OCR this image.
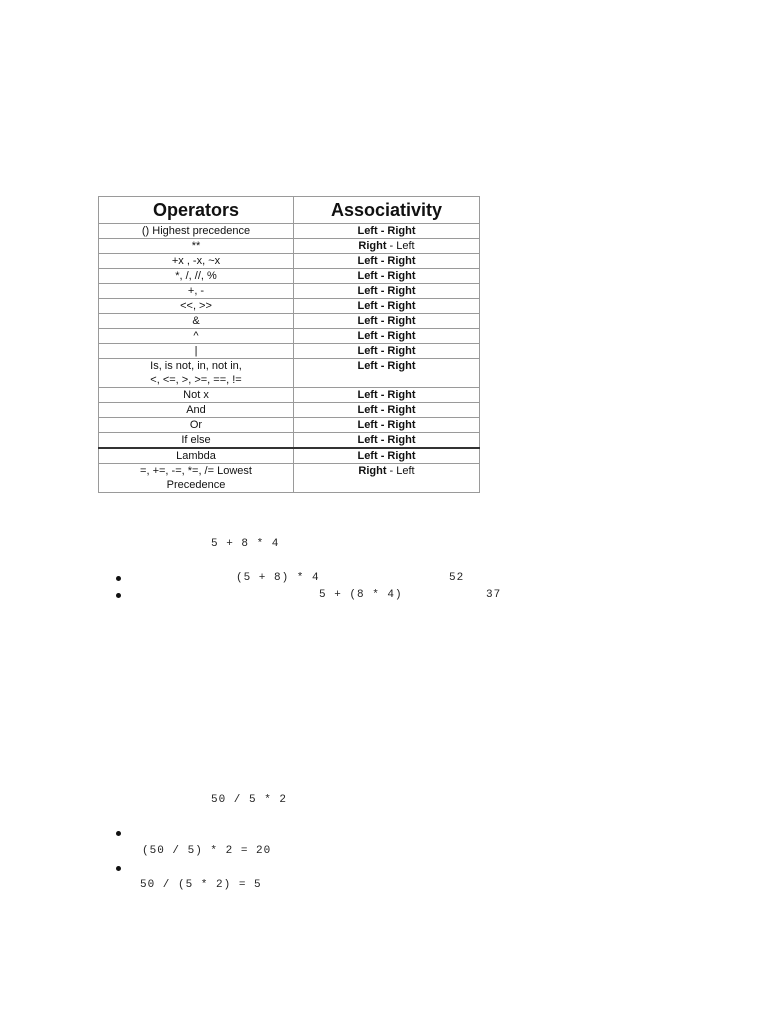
Operators	Associativity
() Highest precedence	Left - Right
**	Right - Left
+x , -x, ~x	Left - Right
*, /, //, %	Left - Right
+, -	Left - Right
<<, >>	Left - Right
&	Left - Right
^	Left - Right
|	Left - Right

Is, is not, in, not in,
<, <=, >, >=, ==, !=	Left - Right
Not x	Left - Right
And	Left - Right
Or	Left - Right
If else	Left - Right
Lambda	Left - Right

=, +=, -=, *=, /= Lowest
Precedence	Right - Left
5 + 8 * 4
(5 + 8) * 4	52
5 + (8 * 4)	37
50 / 5 * 2
(50 / 5) * 2 = 20
50 / (5 * 2) = 5
